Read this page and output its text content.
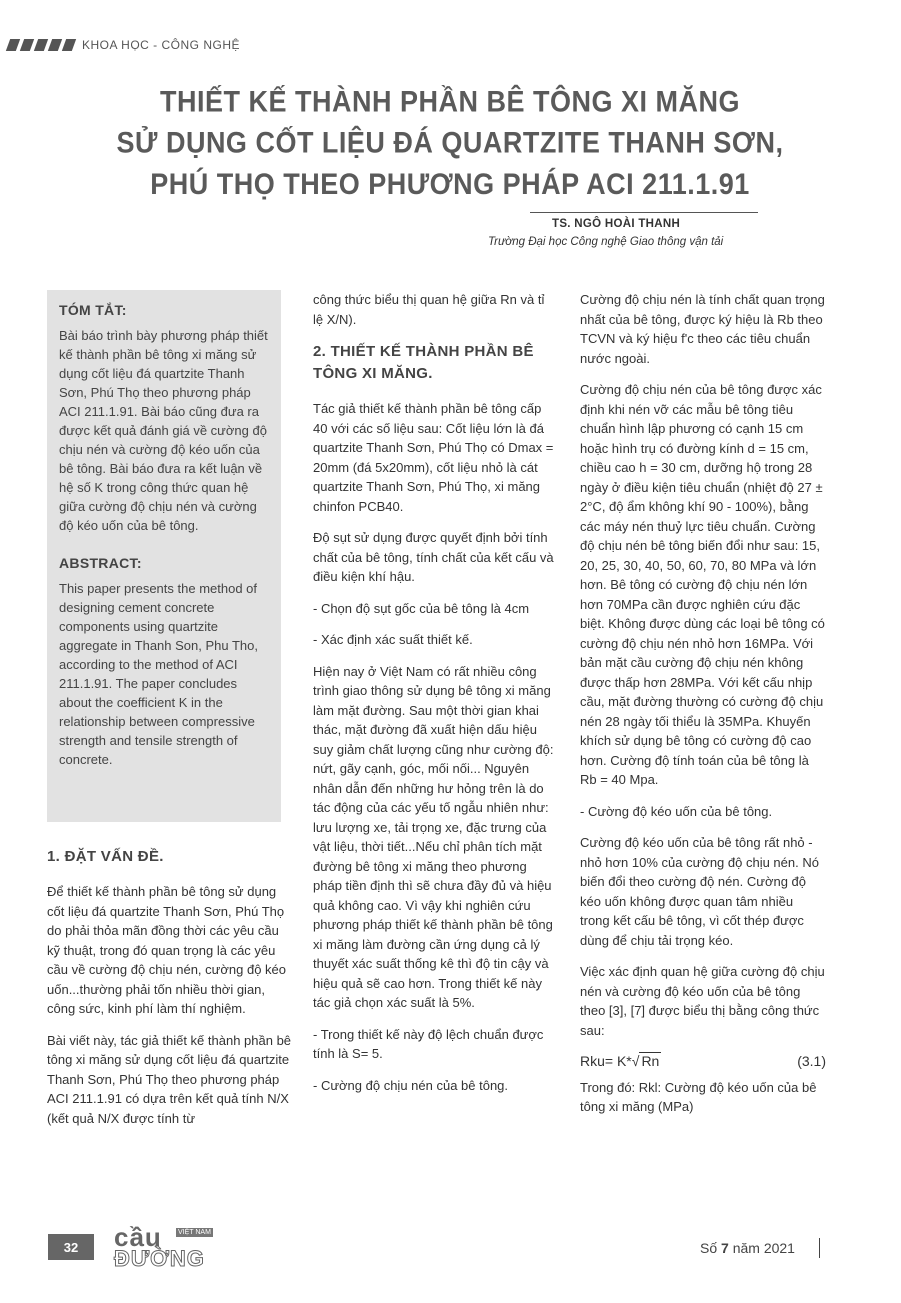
KHOA HỌC - CÔNG NGHỆ
THIẾT KẾ THÀNH PHẦN BÊ TÔNG XI MĂNG
SỬ DỤNG CỐT LIỆU ĐÁ QUARTZITE THANH SƠN,
PHÚ THỌ THEO PHƯƠNG PHÁP ACI 211.1.91
TS. NGÔ HOÀI THANH
Trường Đại học Công nghệ Giao thông vận tải
TÓM TẮT:

Bài báo trình bày phương pháp thiết kế thành phần bê tông xi măng sử dụng cốt liệu đá quartzite Thanh Sơn, Phú Thọ theo phương pháp ACI 211.1.91. Bài báo cũng đưa ra được kết quả đánh giá về cường độ chịu nén và cường độ kéo uốn của bê tông. Bài báo đưa ra kết luận về hệ số K trong công thức quan hệ giữa cường độ chịu nén và cường độ kéo uốn của bê tông.

ABSTRACT:

This paper presents the method of designing cement concrete components using quartzite aggregate in Thanh Son, Phu Tho, according to the method of ACI 211.1.91. The paper concludes about the coefficient K in the relationship between compressive strength and tensile strength of concrete.

1. ĐẶT VẤN ĐỀ.

Để thiết kế thành phần bê tông sử dụng cốt liệu đá quartzite Thanh Sơn, Phú Thọ do phải thỏa mãn đồng thời các yêu cầu kỹ thuật, trong đó quan trọng là các yêu cầu về cường độ chịu nén, cường độ kéo uốn...thường phải tốn nhiều thời gian, công sức, kinh phí làm thí nghiệm.

Bài viết này, tác giả thiết kế thành phần bê tông xi măng sử dụng cốt liệu đá quartzite Thanh Sơn, Phú Thọ theo phương pháp ACI 211.1.91 có dựa trên kết quả tính N/X (kết quả N/X được tính từ

công thức biểu thị quan hệ giữa Rn và tỉ lệ X/N).

2. THIẾT KẾ THÀNH PHẦN BÊ TÔNG XI MĂNG.

Tác giả thiết kế thành phần bê tông cấp 40 với các số liệu sau: Cốt liệu lớn là đá quartzite Thanh Sơn, Phú Thọ có Dmax = 20mm (đá 5x20mm), cốt liệu nhỏ là cát quartzite Thanh Sơn, Phú Thọ, xi măng chinfon PCB40.

Độ sụt sử dụng được quyết định bởi tính chất của bê tông, tính chất của kết cấu và điều kiện khí hậu.

- Chọn độ sụt gốc của bê tông là 4cm

- Xác định xác suất thiết kế.

Hiện nay ở Việt Nam có rất nhiều công trình giao thông sử dụng bê tông xi măng làm mặt đường. Sau một thời gian khai thác, mặt đường đã xuất hiện dấu hiệu suy giảm chất lượng cũng như cường độ: nứt, gãy cạnh, góc, mối nối... Nguyên nhân dẫn đến những hư hỏng trên là do tác động của các yếu tố ngẫu nhiên như: lưu lượng xe, tải trọng xe, đặc trưng của vật liệu, thời tiết...Nếu chỉ phân tích mặt đường bê tông xi măng theo phương pháp tiền định thì sẽ chưa đầy đủ và hiệu quả không cao. Vì vậy khi nghiên cứu phương pháp thiết kế thành phần bê tông xi măng làm đường cần ứng dụng cả lý thuyết xác suất thống kê thì độ tin cậy và hiệu quả sẽ cao hơn. Trong thiết kế này tác giả chọn xác suất là 5%.

- Trong thiết kế này độ lệch chuẩn được tính là S= 5.

- Cường độ chịu nén của bê tông.

Cường độ chịu nén là tính chất quan trọng nhất của bê tông, được ký hiệu là Rb theo TCVN và ký hiệu f'c theo các tiêu chuẩn nước ngoài.

Cường độ chịu nén của bê tông được xác định khi nén vỡ các mẫu bê tông tiêu chuẩn hình lập phương có cạnh 15 cm hoặc hình trụ có đường kính d = 15 cm, chiều cao h = 30 cm, dưỡng hộ trong 28 ngày ở điều kiện tiêu chuẩn (nhiệt độ 27 ± 2°C, độ ẩm không khí 90 - 100%), bằng các máy nén thuỷ lực tiêu chuẩn. Cường độ chịu nén bê tông biến đổi như sau: 15, 20, 25, 30, 40, 50, 60, 70, 80 MPa và lớn hơn. Bê tông có cường độ chịu nén lớn hơn 70MPa cần được nghiên cứu đặc biệt. Không được dùng các loại bê tông có cường độ chịu nén nhỏ hơn 16MPa. Với bản mặt cầu cường độ chịu nén không được thấp hơn 28MPa. Với kết cấu nhịp cầu, mặt đường thường có cường độ chịu nén 28 ngày tối thiểu là 35MPa. Khuyến khích sử dụng bê tông có cường độ cao hơn. Cường độ tính toán của bê tông là Rb = 40 Mpa.

- Cường độ kéo uốn của bê tông.

Cường độ kéo uốn của bê tông rất nhỏ - nhỏ hơn 10% của cường độ chịu nén. Nó biến đổi theo cường độ nén. Cường độ kéo uốn không được quan tâm nhiều trong kết cấu bê tông, vì cốt thép được dùng để chịu tải trọng kéo.

Việc xác định quan hệ giữa cường độ chịu nén và cường độ kéo uốn của bê tông theo [3], [7] được biểu thị bằng công thức sau:

Rku= K*√ Rn	(3.1)

Trong đó: Rkl: Cường độ kéo uốn của bê tông xi măng (MPa)

32	cầu VIỆT NAM
ĐƯỜNG	Số 7 năm 2021
